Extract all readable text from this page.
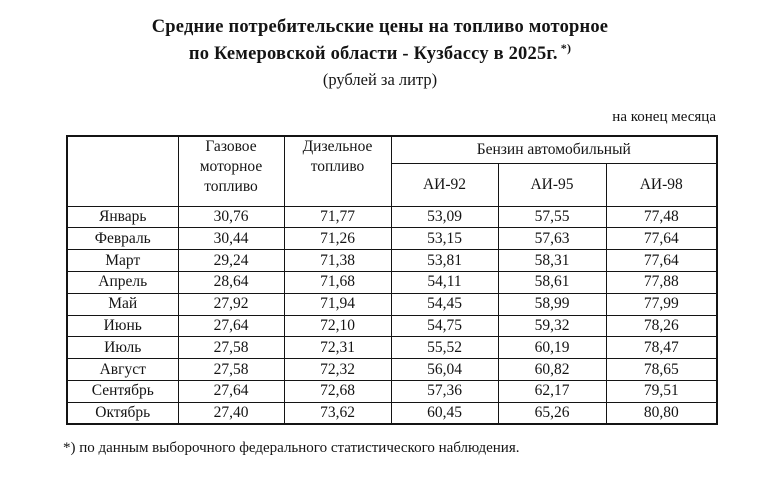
Средние потребительские цены на топливо моторное
по Кемеровской области - Кузбассу в 2025г. *)
(рублей за литр)
на конец месяца
	Газовое моторное топливо	Дизельное топливо	Бензин автомобильный		
			АИ-92	АИ-95	АИ-98
Январь	30,76	71,77	53,09	57,55	77,48
Февраль	30,44	71,26	53,15	57,63	77,64
Март	29,24	71,38	53,81	58,31	77,64
Апрель	28,64	71,68	54,11	58,61	77,88
Май	27,92	71,94	54,45	58,99	77,99
Июнь	27,64	72,10	54,75	59,32	78,26
Июль	27,58	72,31	55,52	60,19	78,47
Август	27,58	72,32	56,04	60,82	78,65
Сентябрь	27,64	72,68	57,36	62,17	79,51
Октябрь	27,40	73,62	60,45	65,26	80,80
*) по данным выборочного федерального статистического наблюдения.
